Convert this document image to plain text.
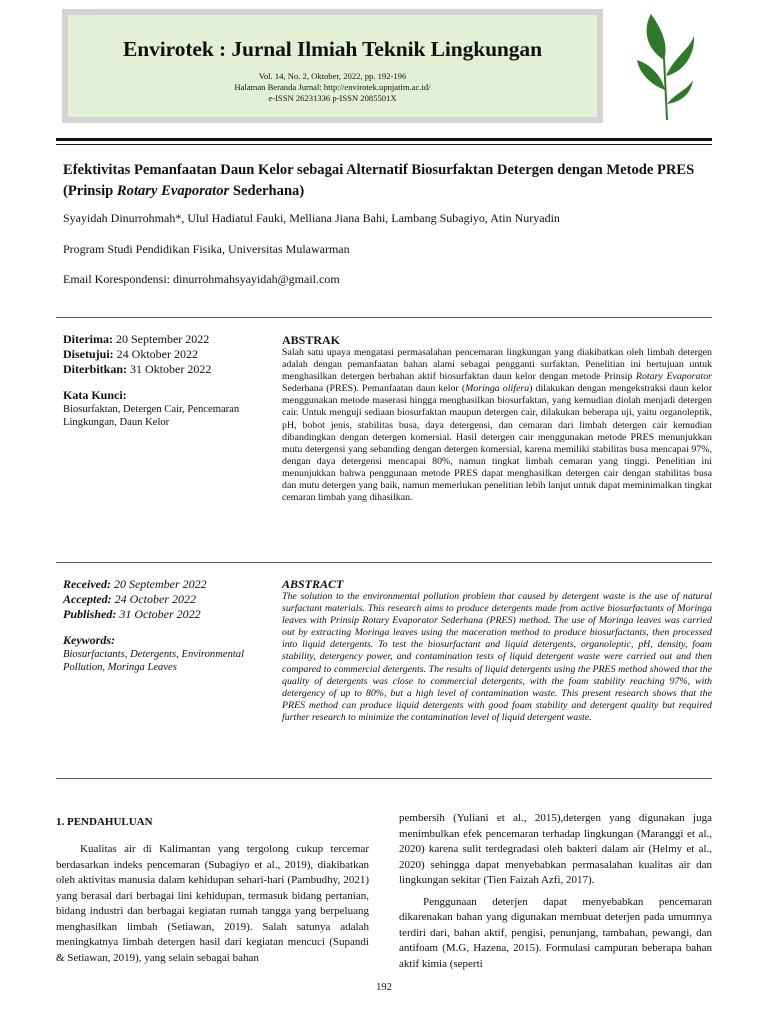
Envirotek : Jurnal Ilmiah Teknik Lingkungan
Vol. 14, No. 2, Oktober, 2022, pp. 192-196
Halaman Beranda Jurnal: http://envirotek.upnjatim.ac.id/
e-ISSN 26231336 p-ISSN 2085501X
Efektivitas Pemanfaatan Daun Kelor sebagai Alternatif Biosurfaktan Detergen dengan Metode PRES (Prinsip Rotary Evaporator Sederhana)
Syayidah Dinurrohmah*, Ulul Hadiatul Fauki, Melliana Jiana Bahi, Lambang Subagiyo, Atin Nuryadin
Program Studi Pendidikan Fisika, Universitas Mulawarman
Email Korespondensi: dinurrohmahsyayidah@gmail.com
Diterima: 20 September 2022
Disetujui: 24 Oktober 2022
Diterbitkan: 31 Oktober 2022
Kata Kunci:
Biosurfaktan, Detergen Cair, Pencemaran Lingkungan, Daun Kelor
ABSTRAK
Salah satu upaya mengatasi permasalahan pencemaran lingkungan yang diakibatkan oleh limbah detergen adalah dengan pemanfaatan bahan alami sebagai pengganti surfaktan. Penelitian ini bertujuan untuk menghasilkan detergen berbahan aktif biosurfaktan daun kelor dengan metode Prinsip Rotary Evaporator Sederhana (PRES). Pemanfaatan daun kelor (Moringa olifera) dilakukan dengan mengekstraksi daun kelor menggunakan metode maserasi hingga menghasilkan biosurfaktan, yang kemudian diolah menjadi detergen cair. Untuk menguji sediaan biosurfaktan maupun detergen cair, dilakukan beberapa uji, yaitu organoleptik, pH, bobot jenis, stabilitas busa, daya detergensi, dan cemaran dari limbah detergen cair kemudian dibandingkan dengan detergen komersial. Hasil detergen cair menggunakan metode PRES menunjukkan mutu detergensi yang sebanding dengan detergen komersial, karena memiliki stabilitas busa mencapai 97%, dengan daya detergensi mencapai 80%, namun tingkat limbah cemaran yang tinggi. Penelitian ini menunjukkan bahwa penggunaan metode PRES dapat menghasilkan detergen cair dengan stabilitas busa dan mutu detergen yang baik, namun memerlukan penelitian lebih lanjut untuk dapat meminimalkan tingkat cemaran limbah yang dihasilkan.
Received: 20 September 2022
Accepted: 24 October 2022
Published: 31 October 2022
Keywords:
Biosurfactants, Detergents, Environmental Pollution, Moringa Leaves
ABSTRACT
The solution to the environmental pollution problem that caused by detergent waste is the use of natural surfactant materials. This research aims to produce detergents made from active biosurfactants of Moringa leaves with Prinsip Rotary Evaporator Sederhana (PRES) method. The use of Moringa leaves was carried out by extracting Moringa leaves using the maceration method to produce biosurfactants, then processed into liquid detergents. To test the biosurfactant and liquid detergents, organoleptic, pH, density, foam stability, detergency power, and contamination tests of liquid detergent waste were carried out and then compared to commercial detergents. The results of liquid detergents using the PRES method showed that the quality of detergents was close to commercial detergents, with the foam stability reaching 97%, with detergency of up to 80%, but a high level of contamination waste. This present research shows that the PRES method can produce liquid detergents with good foam stability and detergent quality but required further research to minimize the contamination level of liquid detergent waste.
1. PENDAHULUAN

Kualitas air di Kalimantan yang tergolong cukup tercemar berdasarkan indeks pencemaran (Subagiyo et al., 2019), diakibatkan oleh aktivitas manusia dalam kehidupan sehari-hari (Pambudhy, 2021) yang berasal dari berbagai lini kehidupan, termasuk bidang pertanian, bidang industri dan berbagai kegiatan rumah tangga yang berpeluang menghasilkan limbah (Setiawan, 2019). Salah satunya adalah meningkatnya limbah detergen hasil dari kegiatan mencuci (Supandi & Setiawan, 2019), yang selain sebagai bahan

pembersih (Yuliani et al., 2015),detergen yang digunakan juga menimbulkan efek pencemaran terhadap lingkungan (Maranggi et al., 2020) karena sulit terdegradasi oleh bakteri dalam air (Helmy et al., 2020) sehingga dapat menyebabkan permasalahan kualitas air dan lingkungan sekitar (Tien Faizah Azfi, 2017).

Penggunaan deterjen dapat menyebabkan pencemaran dikarenakan bahan yang digunakan membuat deterjen pada umumnya terdiri dari, bahan aktif, pengisi, penunjang, tambahan, pewangi, dan antifoam (M.G, Hazena, 2015). Formulasi campuran beberapa bahan aktif kimia (seperti

192
